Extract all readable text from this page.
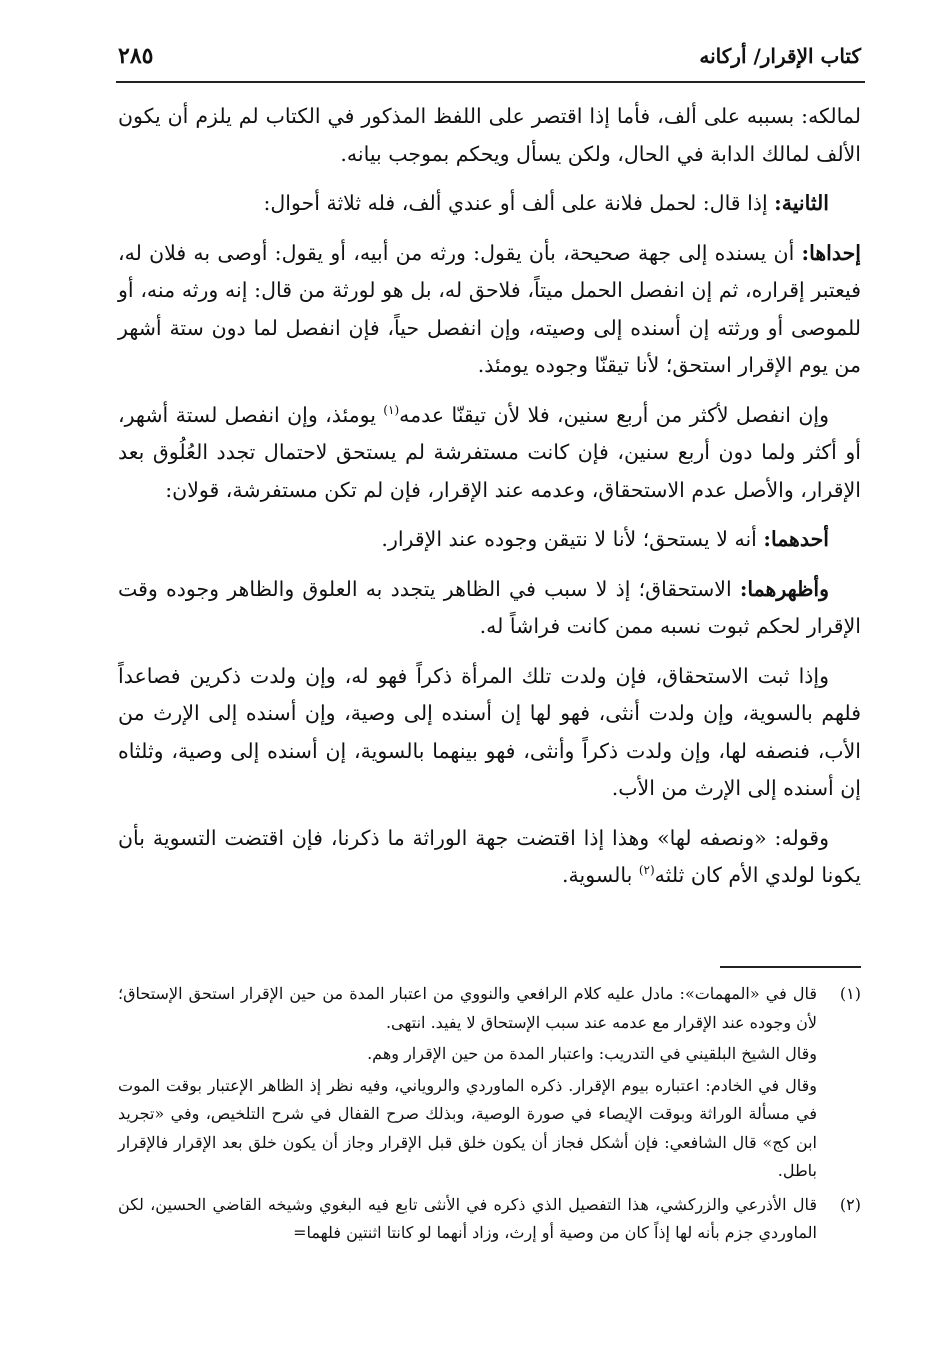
كتاب الإقرار/ أركانه
٢٨٥

لمالكه: بسببه على ألف، فأما إذا اقتصر على اللفظ المذكور في الكتاب لم يلزم أن يكون الألف لمالك الدابة في الحال، ولكن يسأل ويحكم بموجب بيانه.

الثانية: إذا قال: لحمل فلانة على ألف أو عندي ألف، فله ثلاثة أحوال:

إحداها: أن يسنده إلى جهة صحيحة، بأن يقول: ورثه من أبيه، أو يقول: أوصى به فلان له، فيعتبر إقراره، ثم إن انفصل الحمل ميتاً، فلاحق له، بل هو لورثة من قال: إنه ورثه منه، أو للموصى أو ورثته إن أسنده إلى وصيته، وإن انفصل حياً، فإن انفصل لما دون ستة أشهر من يوم الإقرار استحق؛ لأنا تيقنّا وجوده يومئذ.

وإن انفصل لأكثر من أربع سنين، فلا لأن تيقنّا عدمه$^{(١)}$ يومئذ، وإن انفصل لستة أشهر، أو أكثر ولما دون أربع سنين، فإن كانت مستفرشة لم يستحق لاحتمال تجدد العُلُوق بعد الإقرار، والأصل عدم الاستحقاق، وعدمه عند الإقرار، فإن لم تكن مستفرشة، قولان:

أحدهما: أنه لا يستحق؛ لأنا لا نتيقن وجوده عند الإقرار.

وأظهرهما: الاستحقاق؛ إذ لا سبب في الظاهر يتجدد به العلوق والظاهر وجوده وقت الإقرار لحكم ثبوت نسبه ممن كانت فراشاً له.

وإذا ثبت الاستحقاق، فإن ولدت تلك المرأة ذكراً فهو له، وإن ولدت ذكرين فصاعداً فلهم بالسوية، وإن ولدت أنثى، فهو لها إن أسنده إلى وصية، وإن أسنده إلى الإرث من الأب، فنصفه لها، وإن ولدت ذكراً وأنثى، فهو بينهما بالسوية، إن أسنده إلى وصية، وثلثاه إن أسنده إلى الإرث من الأب.

وقوله: «ونصفه لها» وهذا إذا اقتضت جهة الوراثة ما ذكرنا، فإن اقتضت التسوية بأن يكونا لولدي الأم كان ثلثه$^{(٢)}$ بالسوية.

(١)

قال في «المهمات»: مادل عليه كلام الرافعي والنووي من اعتبار المدة من حين الإقرار استحق الإستحاق؛ لأن وجوده عند الإقرار مع عدمه عند سبب الإستحاق لا يفيد. انتهى.

وقال الشيخ البلقيني في التدريب: واعتبار المدة من حين الإقرار وهم.

وقال في الخادم: اعتباره بيوم الإقرار. ذكره الماوردي والروياني، وفيه نظر إذ الظاهر الإعتبار بوقت الموت في مسألة الوراثة وبوقت الإيصاء في صورة الوصية، وبذلك صرح القفال في شرح التلخيص، وفي «تجريد ابن كج» قال الشافعي: فإن أشكل فجاز أن يكون خلق قبل الإقرار وجاز أن يكون خلق بعد الإقرار فالإقرار باطل.

(٢)

قال الأذرعي والزركشي، هذا التفصيل الذي ذكره في الأنثى تابع فيه البغوي وشيخه القاضي الحسين، لكن الماوردي جزم بأنه لها إذاً كان من وصية أو إرث، وزاد أنهما لو كانتا اثنتين فلهما=
